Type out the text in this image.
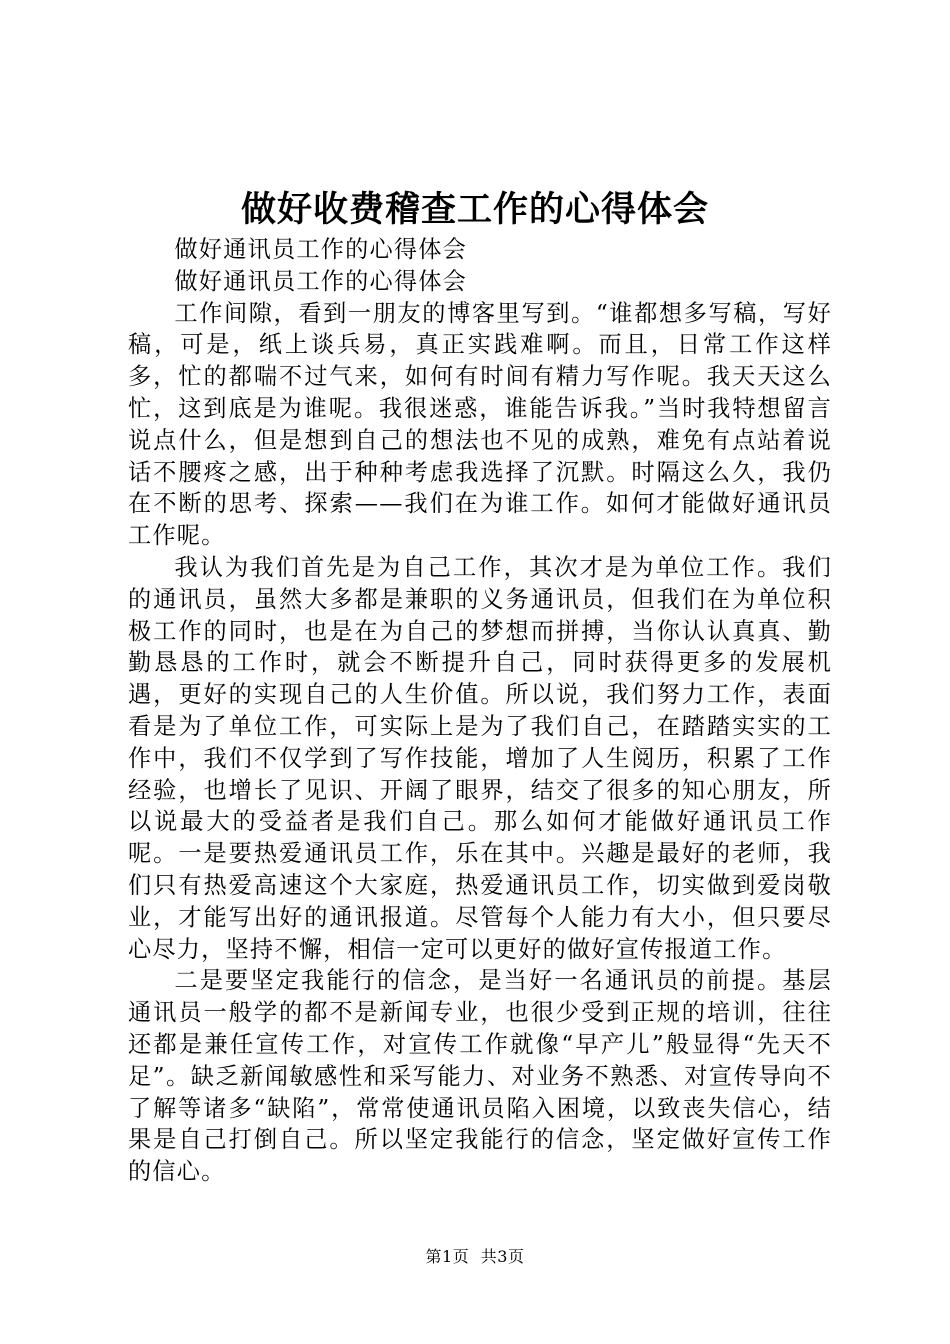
做好收费稽查工作的心得体会

做好通讯员工作的心得体会

做好通讯员工作的心得体会

工作间隙，看到一朋友的博客里写到。“谁都想多写稿，写好稿，可是，纸上谈兵易，真正实践难啊。而且，日常工作这样多，忙的都喘不过气来，如何有时间有精力写作呢。我天天这么忙，这到底是为谁呢。我很迷惑，谁能告诉我。”当时我特想留言说点什么，但是想到自己的想法也不见的成熟，难免有点站着说话不腰疼之感，出于种种考虑我选择了沉默。时隔这么久，我仍在不断的思考、探索——我们在为谁工作。如何才能做好通讯员工作呢。

我认为我们首先是为自己工作，其次才是为单位工作。我们的通讯员，虽然大多都是兼职的义务通讯员，但我们在为单位积极工作的同时，也是在为自己的梦想而拼搏，当你认认真真、勤勤恳恳的工作时，就会不断提升自己，同时获得更多的发展机遇，更好的实现自己的人生价值。所以说，我们努力工作，表面看是为了单位工作，可实际上是为了我们自己，在踏踏实实的工作中，我们不仅学到了写作技能，增加了人生阅历，积累了工作经验，也增长了见识、开阔了眼界，结交了很多的知心朋友，所以说最大的受益者是我们自己。那么如何才能做好通讯员工作呢。一是要热爱通讯员工作，乐在其中。兴趣是最好的老师，我们只有热爱高速这个大家庭，热爱通讯员工作，切实做到爱岗敬业，才能写出好的通讯报道。尽管每个人能力有大小，但只要尽心尽力，坚持不懈，相信一定可以更好的做好宣传报道工作。

二是要坚定我能行的信念，是当好一名通讯员的前提。基层通讯员一般学的都不是新闻专业，也很少受到正规的培训，往往还都是兼任宣传工作，对宣传工作就像“早产儿”般显得“先天不足”。缺乏新闻敏感性和采写能力、对业务不熟悉、对宣传导向不了解等诸多“缺陷”，常常使通讯员陷入困境，以致丧失信心，结果是自己打倒自己。所以坚定我能行的信念，坚定做好宣传工作的信心。

第1页 共3页
